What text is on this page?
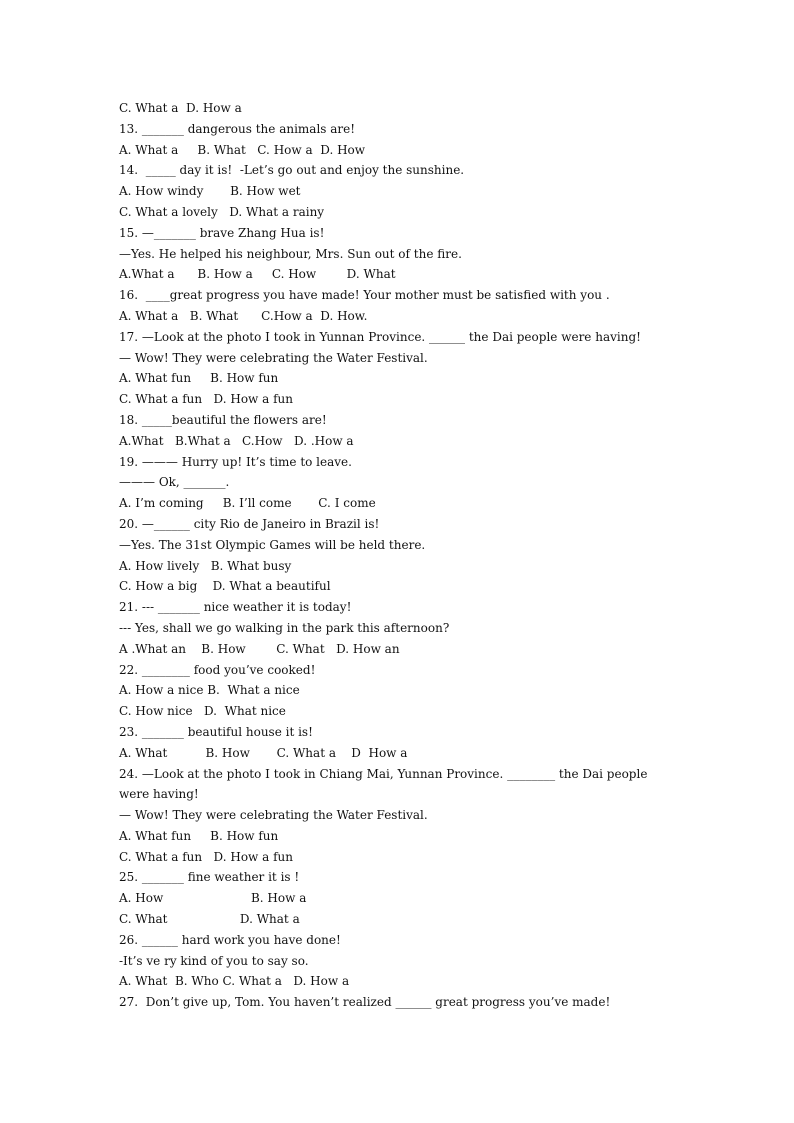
C. What a  D. How a
13. _______ dangerous the animals are!
A. What a     B. What   C. How a  D. How
14.  _____ day it is!  -Let’s go out and enjoy the sunshine.
A. How windy       B. How wet
C. What a lovely   D. What a rainy
15. —_______ brave Zhang Hua is!
—Yes. He helped his neighbour, Mrs. Sun out of the fire.
A.What a      B. How a     C. How        D. What
16.  ____great progress you have made! Your mother must be satisfied with you .
A. What a   B. What      C.How a  D. How.
17. —Look at the photo I took in Yunnan Province. ______ the Dai people were having!
— Wow! They were celebrating the Water Festival.
A. What fun     B. How fun
C. What a fun   D. How a fun
18. _____beautiful the flowers are!
A.What   B.What a   C.How   D. .How a
19. ——— Hurry up! It’s time to leave.
——— Ok, _______.
A. I’m coming     B. I’ll come       C. I come
20. —______ city Rio de Janeiro in Brazil is!
—Yes. The 31st Olympic Games will be held there.
A. How lively   B. What busy
C. How a big    D. What a beautiful
21. --- _______ nice weather it is today!
--- Yes, shall we go walking in the park this afternoon?
A .What an    B. How        C. What   D. How an
22. ________ food you’ve cooked!
A. How a nice B.  What a nice
C. How nice   D.  What nice
23. _______ beautiful house it is!
A. What          B. How       C. What a    D  How a
24. —Look at the photo I took in Chiang Mai, Yunnan Province. ________ the Dai people
were having!
— Wow! They were celebrating the Water Festival.
A. What fun     B. How fun
C. What a fun   D. How a fun
25. _______ fine weather it is !
A. How                       B. How a
C. What                   D. What a
26. ______ hard work you have done!
-It’s ve ry kind of you to say so.
A. What  B. Who C. What a   D. How a
27.  Don’t give up, Tom. You haven’t realized ______ great progress you’ve made!
